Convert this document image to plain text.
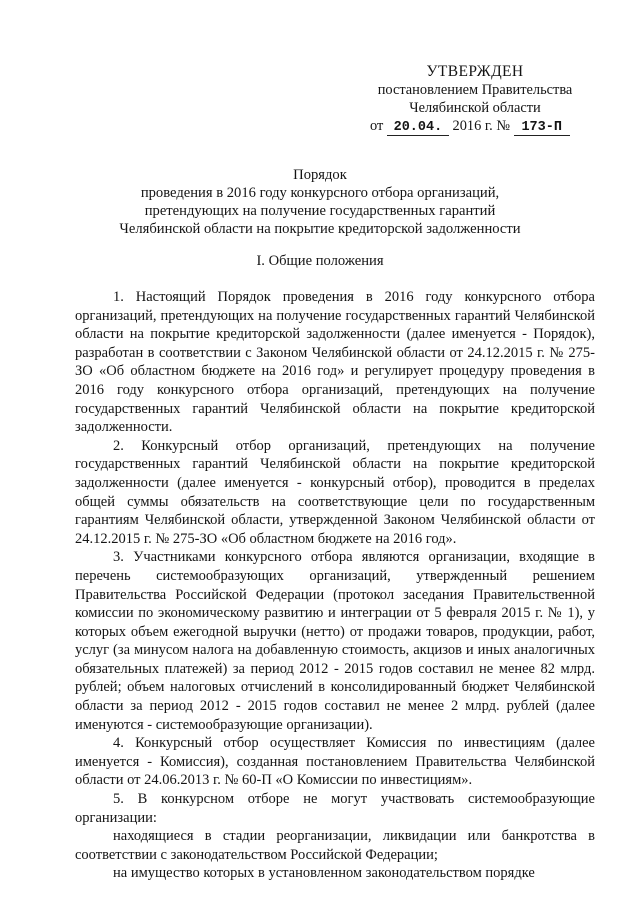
УТВЕРЖДЕН
постановлением Правительства
Челябинской области
от 20.04. 2016 г. № 173-П
Порядок
проведения в 2016 году конкурсного отбора организаций,
претендующих на получение государственных гарантий
Челябинской области на покрытие кредиторской задолженности
I. Общие положения

1. Настоящий Порядок проведения в 2016 году конкурсного отбора организаций, претендующих на получение государственных гарантий Челябинской области на покрытие кредиторской задолженности (далее именуется - Порядок), разработан в соответствии с Законом Челябинской области от 24.12.2015 г. № 275-ЗО «Об областном бюджете на 2016 год» и регулирует процедуру проведения в 2016 году конкурсного отбора организаций, претендующих на получение государственных гарантий Челябинской области на покрытие кредиторской задолженности.

2. Конкурсный отбор организаций, претендующих на получение государственных гарантий Челябинской области на покрытие кредиторской задолженности (далее именуется - конкурсный отбор), проводится в пределах общей суммы обязательств на соответствующие цели по государственным гарантиям Челябинской области, утвержденной Законом Челябинской области от 24.12.2015 г. № 275-ЗО «Об областном бюджете на 2016 год».

3. Участниками конкурсного отбора являются организации, входящие в перечень системообразующих организаций, утвержденный решением Правительства Российской Федерации (протокол заседания Правительственной комиссии по экономическому развитию и интеграции от 5 февраля 2015 г. № 1), у которых объем ежегодной выручки (нетто) от продажи товаров, продукции, работ, услуг (за минусом налога на добавленную стоимость, акцизов и иных аналогичных обязательных платежей) за период 2012 - 2015 годов составил не менее 82 млрд. рублей; объем налоговых отчислений в консолидированный бюджет Челябинской области за период 2012 - 2015 годов составил не менее 2 млрд. рублей (далее именуются - системообразующие организации).

4. Конкурсный отбор осуществляет Комиссия по инвестициям (далее именуется - Комиссия), созданная постановлением Правительства Челябинской области от 24.06.2013 г. № 60-П «О Комиссии по инвестициям».

5. В конкурсном отборе не могут участвовать системообразующие организации:

находящиеся в стадии реорганизации, ликвидации или банкротства в соответствии с законодательством Российской Федерации;

на имущество которых в установленном законодательством порядке
